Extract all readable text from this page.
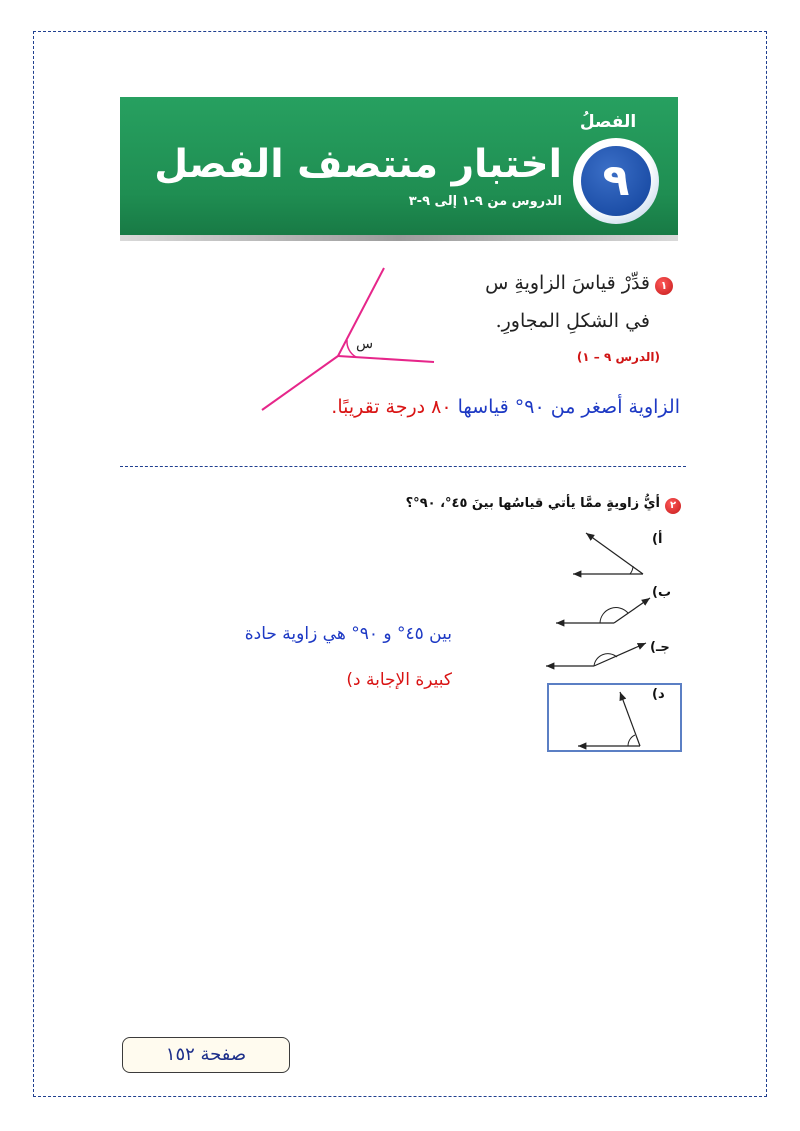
الفصلُ
٩
اختبار منتصف الفصل
الدروس من ٩-١ إلى ٩-٣
١
قدِّرْ قياسَ الزاويةِ س
في الشكلِ المجاورِ.
(الدرس ٩ – ١)
س
الزاوية أصغر من ٩٠° قياسها ٨٠ درجة تقريبًا.
٢
أيُّ زاويةٍ ممَّا يأتي قياسُها بينَ ٤٥°، ٩٠°؟
أ)
ب)
جـ)
د)
بين ٤٥° و ٩٠° هي زاوية حادة
كبيرة الإجابة د)
صفحة ١٥٢
